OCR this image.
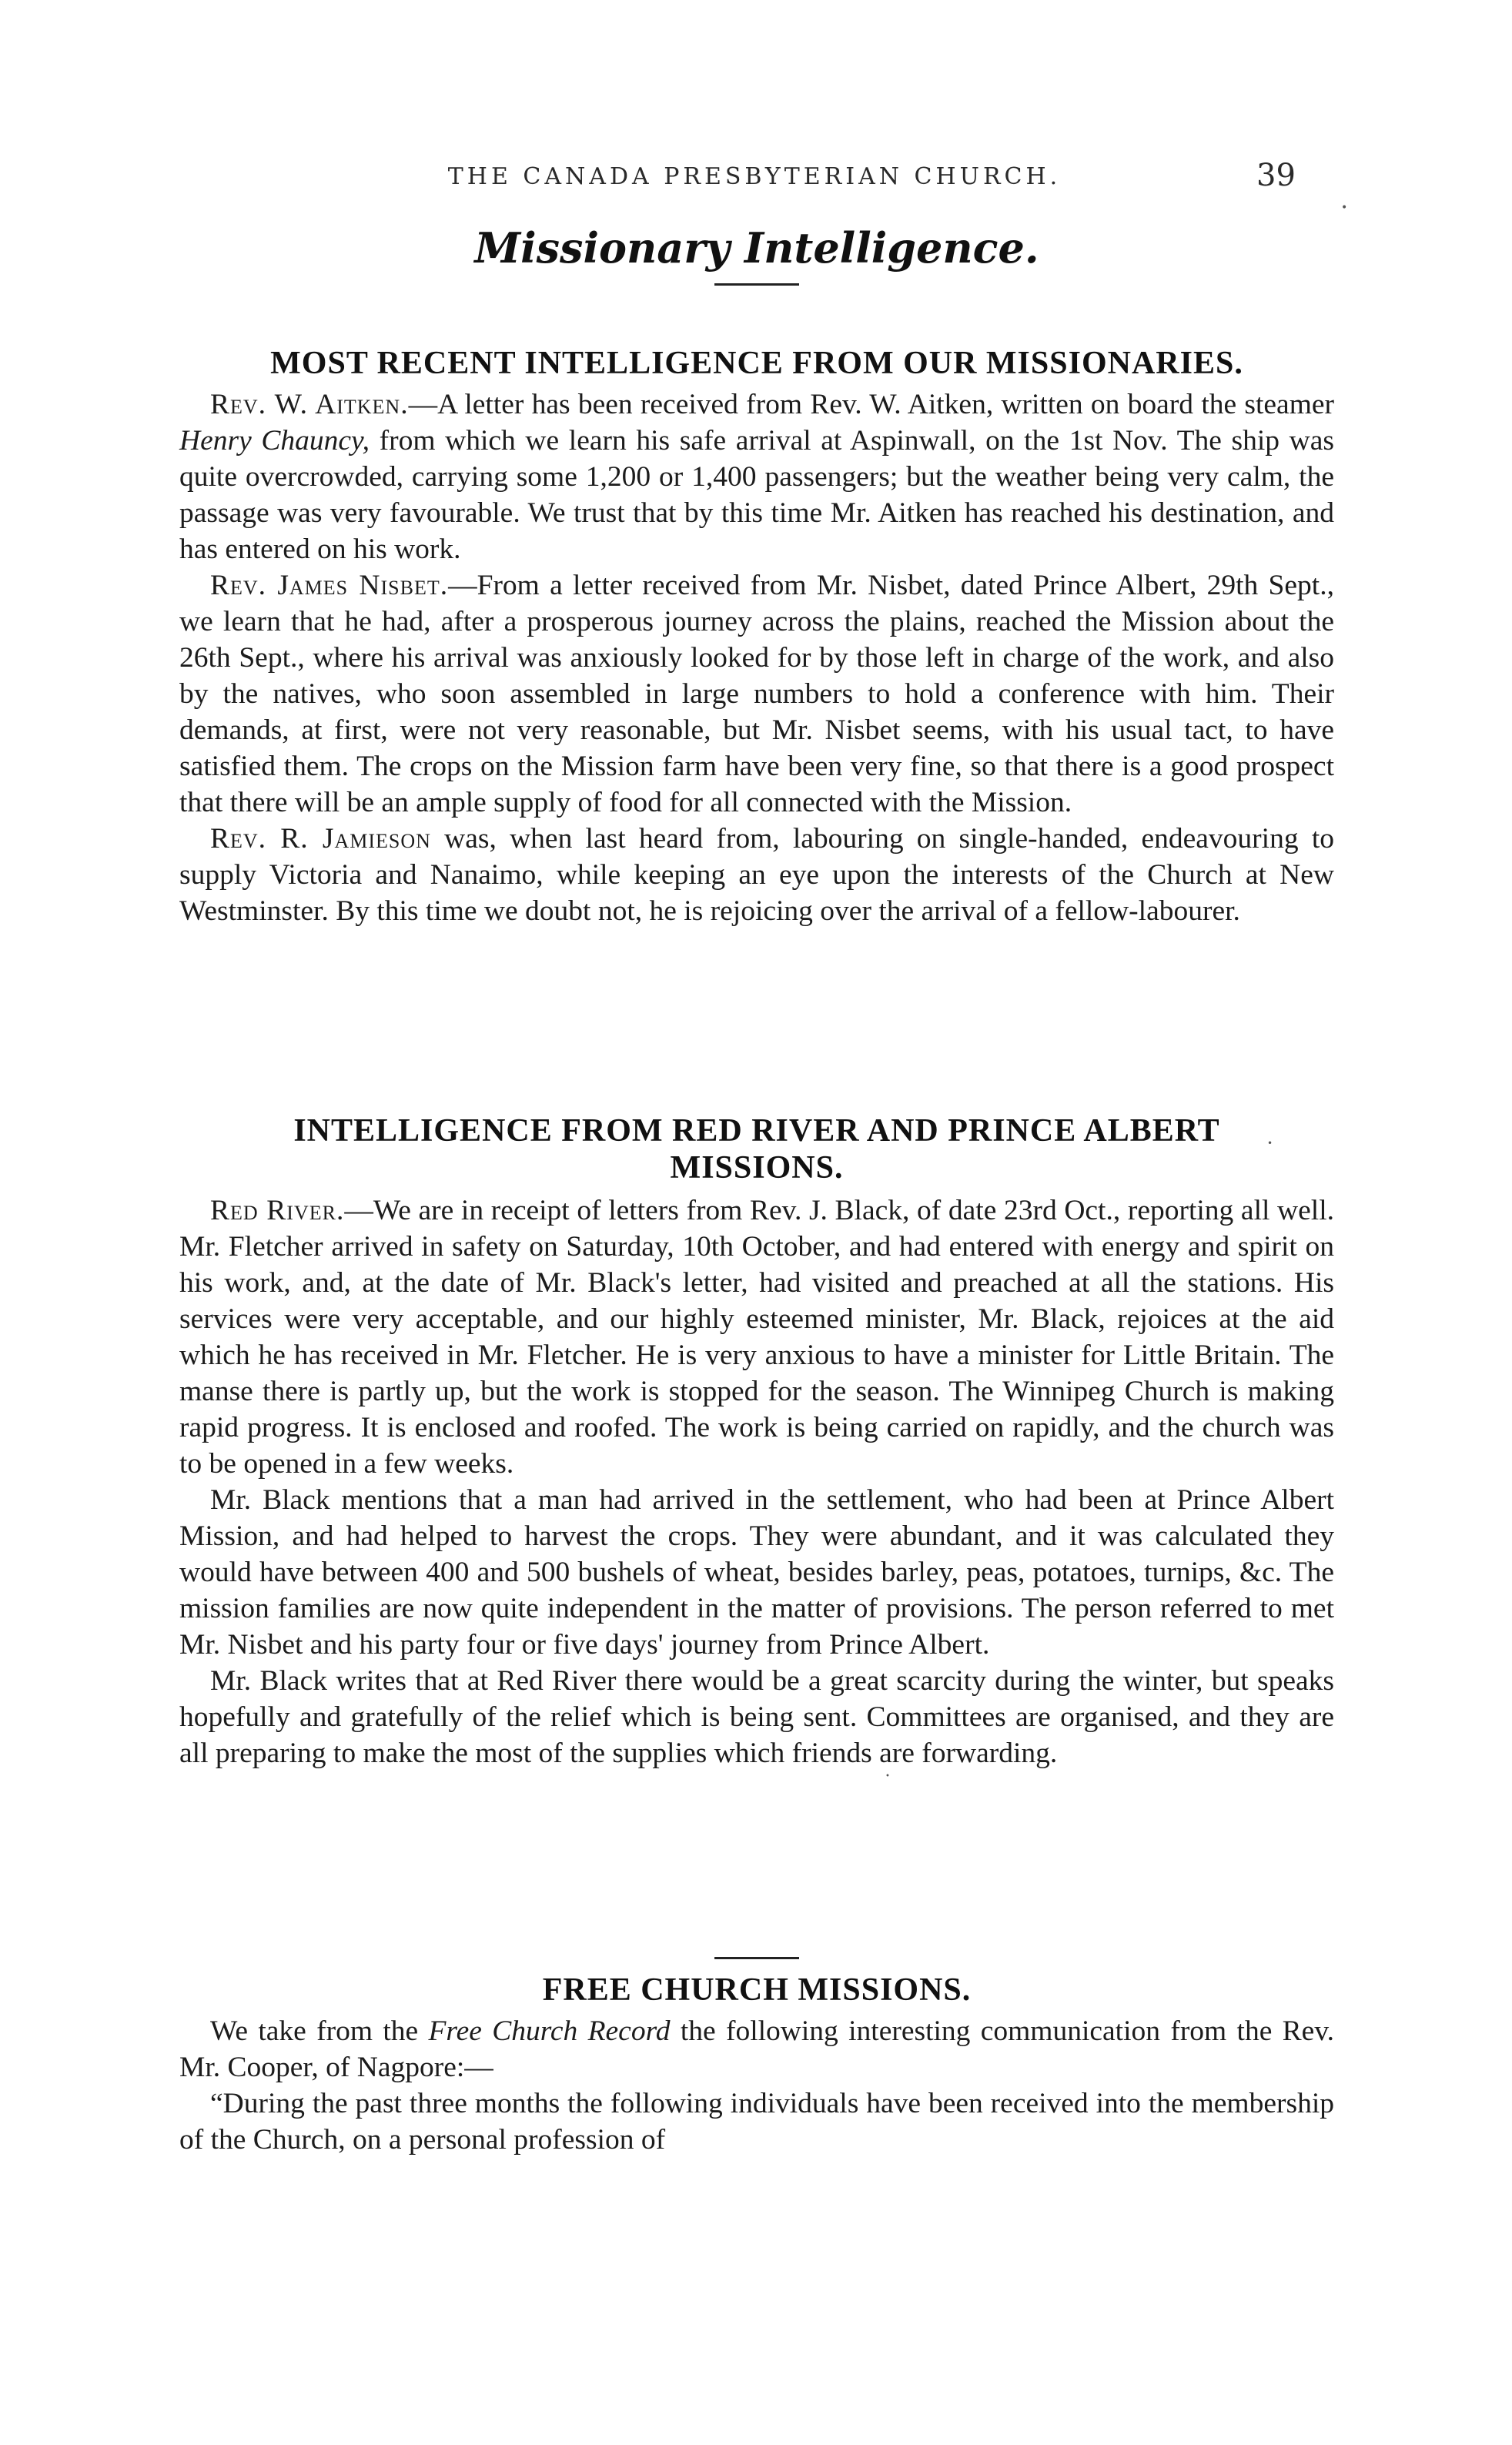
THE CANADA PRESBYTERIAN CHURCH.	39
Missionary Intelligence.
MOST RECENT INTELLIGENCE FROM OUR MISSIONARIES.

Rev. W. Aitken.—A letter has been received from Rev. W. Aitken, written on board the steamer Henry Chauncy, from which we learn his safe arrival at Aspinwall, on the 1st Nov. The ship was quite overcrowded, carrying some 1,200 or 1,400 passengers; but the weather being very calm, the passage was very favourable. We trust that by this time Mr. Aitken has reached his destination, and has entered on his work.

Rev. James Nisbet.—From a letter received from Mr. Nisbet, dated Prince Albert, 29th Sept., we learn that he had, after a prosperous journey across the plains, reached the Mission about the 26th Sept., where his arrival was anxiously looked for by those left in charge of the work, and also by the natives, who soon assembled in large numbers to hold a conference with him. Their demands, at first, were not very reasonable, but Mr. Nisbet seems, with his usual tact, to have satisfied them. The crops on the Mission farm have been very fine, so that there is a good prospect that there will be an ample supply of food for all connected with the Mission.

Rev. R. Jamieson was, when last heard from, labouring on single-handed, endeavouring to supply Victoria and Nanaimo, while keeping an eye upon the interests of the Church at New Westminster. By this time we doubt not, he is rejoicing over the arrival of a fellow-labourer.

INTELLIGENCE FROM RED RIVER AND PRINCE ALBERT
MISSIONS.

Red River.—We are in receipt of letters from Rev. J. Black, of date 23rd Oct., reporting all well. Mr. Fletcher arrived in safety on Saturday, 10th October, and had entered with energy and spirit on his work, and, at the date of Mr. Black's letter, had visited and preached at all the stations. His services were very acceptable, and our highly esteemed minister, Mr. Black, rejoices at the aid which he has received in Mr. Fletcher. He is very anxious to have a minister for Little Britain. The manse there is partly up, but the work is stopped for the season. The Winnipeg Church is making rapid progress. It is enclosed and roofed. The work is being carried on rapidly, and the church was to be opened in a few weeks.

Mr. Black mentions that a man had arrived in the settlement, who had been at Prince Albert Mission, and had helped to harvest the crops. They were abundant, and it was calculated they would have between 400 and 500 bushels of wheat, besides barley, peas, potatoes, turnips, &c. The mission families are now quite independent in the matter of provisions. The person referred to met Mr. Nisbet and his party four or five days' journey from Prince Albert.

Mr. Black writes that at Red River there would be a great scarcity during the winter, but speaks hopefully and gratefully of the relief which is being sent. Committees are organised, and they are all preparing to make the most of the supplies which friends are forwarding.

FREE CHURCH MISSIONS.

We take from the Free Church Record the following interesting communication from the Rev. Mr. Cooper, of Nagpore:—

“During the past three months the following individuals have been received into the membership of the Church, on a personal profession of

•
•
•
